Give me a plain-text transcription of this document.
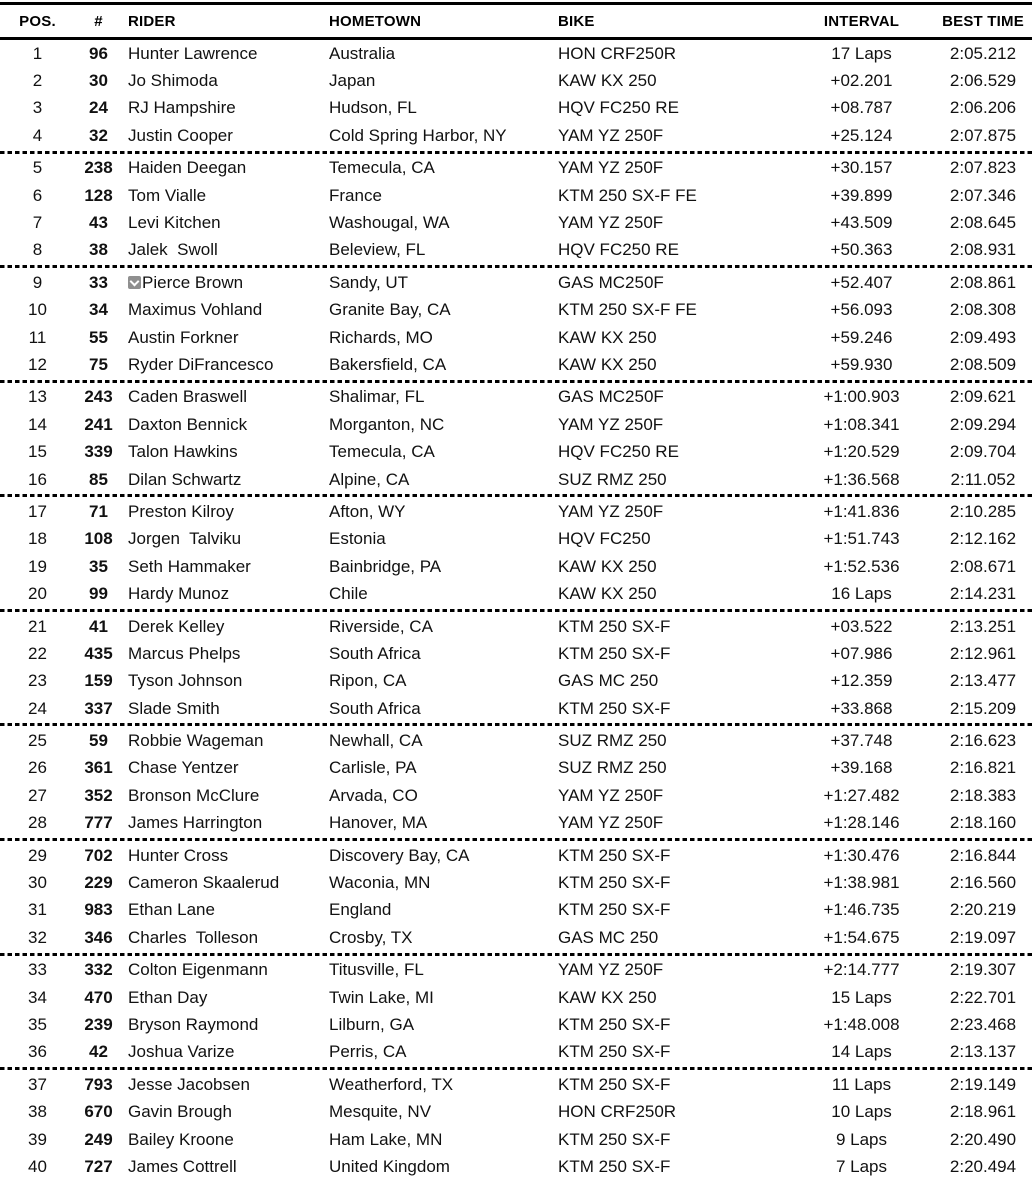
POS.	#	RIDER	HOMETOWN	BIKE	INTERVAL	BEST TIME
1	96	Hunter Lawrence	Australia	HON CRF250R	17 Laps	2:05.212
2	30	Jo Shimoda	Japan	KAW KX 250	+02.201	2:06.529
3	24	RJ Hampshire	Hudson, FL	HQV FC250 RE	+08.787	2:06.206
4	32	Justin Cooper	Cold Spring Harbor, NY	YAM YZ 250F	+25.124	2:07.875

5	238	Haiden Deegan	Temecula, CA	YAM YZ 250F	+30.157	2:07.823
6	128	Tom Vialle	France	KTM 250 SX-F FE	+39.899	2:07.346
7	43	Levi Kitchen	Washougal, WA	YAM YZ 250F	+43.509	2:08.645
8	38	Jalek  Swoll	Beleview, FL	HQV FC250 RE	+50.363	2:08.931

9	33	Pierce Brown	Sandy, UT	GAS MC250F	+52.407	2:08.861
10	34	Maximus Vohland	Granite Bay, CA	KTM 250 SX-F FE	+56.093	2:08.308
11	55	Austin Forkner	Richards, MO	KAW KX 250	+59.246	2:09.493
12	75	Ryder DiFrancesco	Bakersfield, CA	KAW KX 250	+59.930	2:08.509

13	243	Caden Braswell	Shalimar, FL	GAS MC250F	+1:00.903	2:09.621
14	241	Daxton Bennick	Morganton, NC	YAM YZ 250F	+1:08.341	2:09.294
15	339	Talon Hawkins	Temecula, CA	HQV FC250 RE	+1:20.529	2:09.704
16	85	Dilan Schwartz	Alpine, CA	SUZ RMZ 250	+1:36.568	2:11.052

17	71	Preston Kilroy	Afton, WY	YAM YZ 250F	+1:41.836	2:10.285
18	108	Jorgen  Talviku	Estonia	HQV FC250	+1:51.743	2:12.162
19	35	Seth Hammaker	Bainbridge, PA	KAW KX 250	+1:52.536	2:08.671
20	99	Hardy Munoz	Chile	KAW KX 250	16 Laps	2:14.231

21	41	Derek Kelley	Riverside, CA	KTM 250 SX-F	+03.522	2:13.251
22	435	Marcus Phelps	South Africa	KTM 250 SX-F	+07.986	2:12.961
23	159	Tyson Johnson	Ripon, CA	GAS MC 250	+12.359	2:13.477
24	337	Slade Smith	South Africa	KTM 250 SX-F	+33.868	2:15.209

25	59	Robbie Wageman	Newhall, CA	SUZ RMZ 250	+37.748	2:16.623
26	361	Chase Yentzer	Carlisle, PA	SUZ RMZ 250	+39.168	2:16.821
27	352	Bronson McClure	Arvada, CO	YAM YZ 250F	+1:27.482	2:18.383
28	777	James Harrington	Hanover, MA	YAM YZ 250F	+1:28.146	2:18.160

29	702	Hunter Cross	Discovery Bay, CA	KTM 250 SX-F	+1:30.476	2:16.844
30	229	Cameron Skaalerud	Waconia, MN	KTM 250 SX-F	+1:38.981	2:16.560
31	983	Ethan Lane	England	KTM 250 SX-F	+1:46.735	2:20.219
32	346	Charles  Tolleson	Crosby, TX	GAS MC 250	+1:54.675	2:19.097

33	332	Colton Eigenmann	Titusville, FL	YAM YZ 250F	+2:14.777	2:19.307
34	470	Ethan Day	Twin Lake, MI	KAW KX 250	15 Laps	2:22.701
35	239	Bryson Raymond	Lilburn, GA	KTM 250 SX-F	+1:48.008	2:23.468
36	42	Joshua Varize	Perris, CA	KTM 250 SX-F	14 Laps	2:13.137

37	793	Jesse Jacobsen	Weatherford, TX	KTM 250 SX-F	11 Laps	2:19.149
38	670	Gavin Brough	Mesquite, NV	HON CRF250R	10 Laps	2:18.961
39	249	Bailey Kroone	Ham Lake, MN	KTM 250 SX-F	9 Laps	2:20.490
40	727	James Cottrell	United Kingdom	KTM 250 SX-F	7 Laps	2:20.494
